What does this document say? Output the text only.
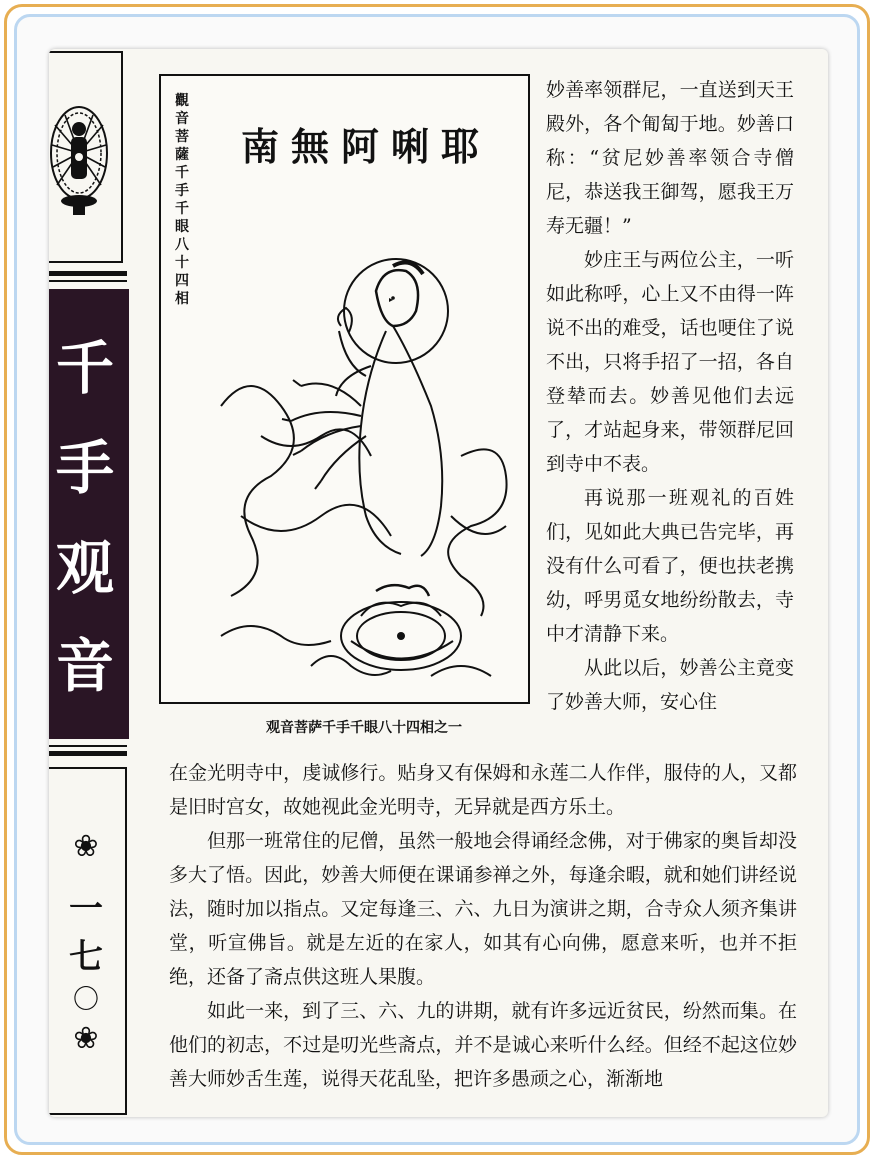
千
手
观
音
❀
一
七
〇
❀
觀音菩薩千手千眼八十四相
南無阿唎耶
观音菩萨千手千眼八十四相之一

妙善率领群尼，一直送到天王殿外，各个匍匐于地。妙善口称：“贫尼妙善率领合寺僧尼，恭送我王御驾，愿我王万寿无疆！”

妙庄王与两位公主，一听如此称呼，心上又不由得一阵说不出的难受，话也哽住了说不出，只将手招了一招，各自登辇而去。妙善见他们去远了，才站起身来，带领群尼回到寺中不表。

再说那一班观礼的百姓们，见如此大典已告完毕，再没有什么可看了，便也扶老携幼，呼男觅女地纷纷散去，寺中才清静下来。

从此以后，妙善公主竟变了妙善大师，安心住

在金光明寺中，虔诚修行。贴身又有保姆和永莲二人作伴，服侍的人，又都是旧时宫女，故她视此金光明寺，无异就是西方乐土。

但那一班常住的尼僧，虽然一般地会得诵经念佛，对于佛家的奥旨却没多大了悟。因此，妙善大师便在课诵参禅之外，每逢余暇，就和她们讲经说法，随时加以指点。又定每逢三、六、九日为演讲之期，合寺众人须齐集讲堂，听宣佛旨。就是左近的在家人，如其有心向佛，愿意来听，也并不拒绝，还备了斋点供这班人果腹。

如此一来，到了三、六、九的讲期，就有许多远近贫民，纷然而集。在他们的初志，不过是叨光些斋点，并不是诚心来听什么经。但经不起这位妙善大师妙舌生莲，说得天花乱坠，把许多愚顽之心，渐渐地
